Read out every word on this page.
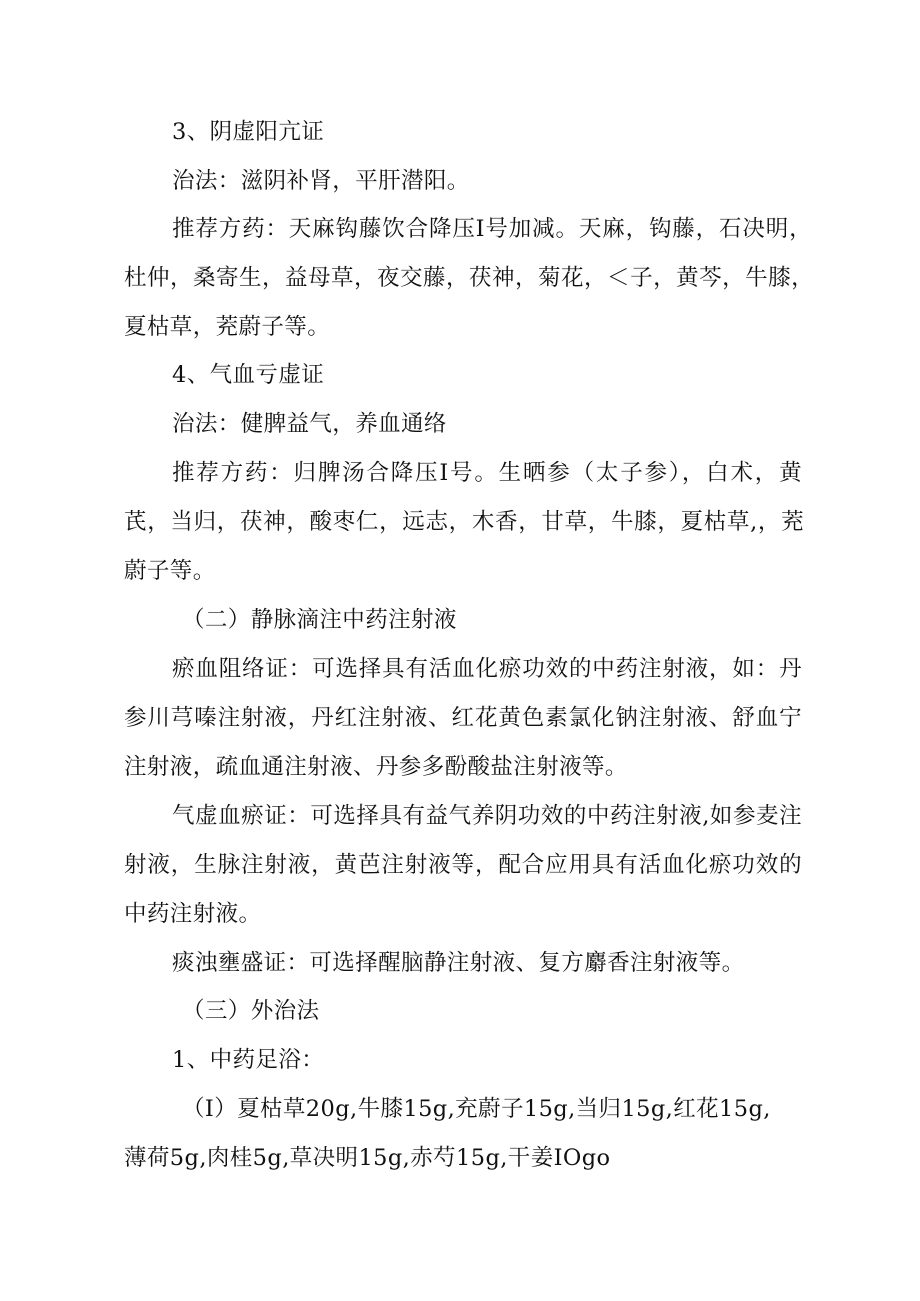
3、阴虚阳亢证
治法：滋阴补肾，平肝潜阳。
推荐方药：天麻钩藤饮合降压Ⅰ号加减。天麻，钩藤，石决明，
杜仲，桑寄生，益母草，夜交藤，茯神，菊花，＜子，黄芩，牛膝，
夏枯草，茺蔚子等。
4、气血亏虚证
治法：健脾益气，养血通络
推荐方药：归脾汤合降压Ⅰ号。生晒参（太子参），白术，黄
芪，当归，茯神，酸枣仁，远志，木香，甘草，牛膝，夏枯草,，茺
蔚子等。
（二）静脉滴注中药注射液
瘀血阻络证：可选择具有活血化瘀功效的中药注射液，如：丹
参川芎嗪注射液，丹红注射液、红花黄色素氯化钠注射液、舒血宁
注射液，疏血通注射液、丹参多酚酸盐注射液等。
气虚血瘀证：可选择具有益气养阴功效的中药注射液,如参麦注
射液，生脉注射液，黄芭注射液等，配合应用具有活血化瘀功效的
中药注射液。
痰浊壅盛证：可选择醒脑静注射液、复方麝香注射液等。
（三）外治法
1、中药足浴：
（I）夏枯草20g,牛膝15g,充蔚子15g,当归15g,红花15g,
薄荷5g,肉桂5g,草决明15g,赤芍15g,干姜IOgo
